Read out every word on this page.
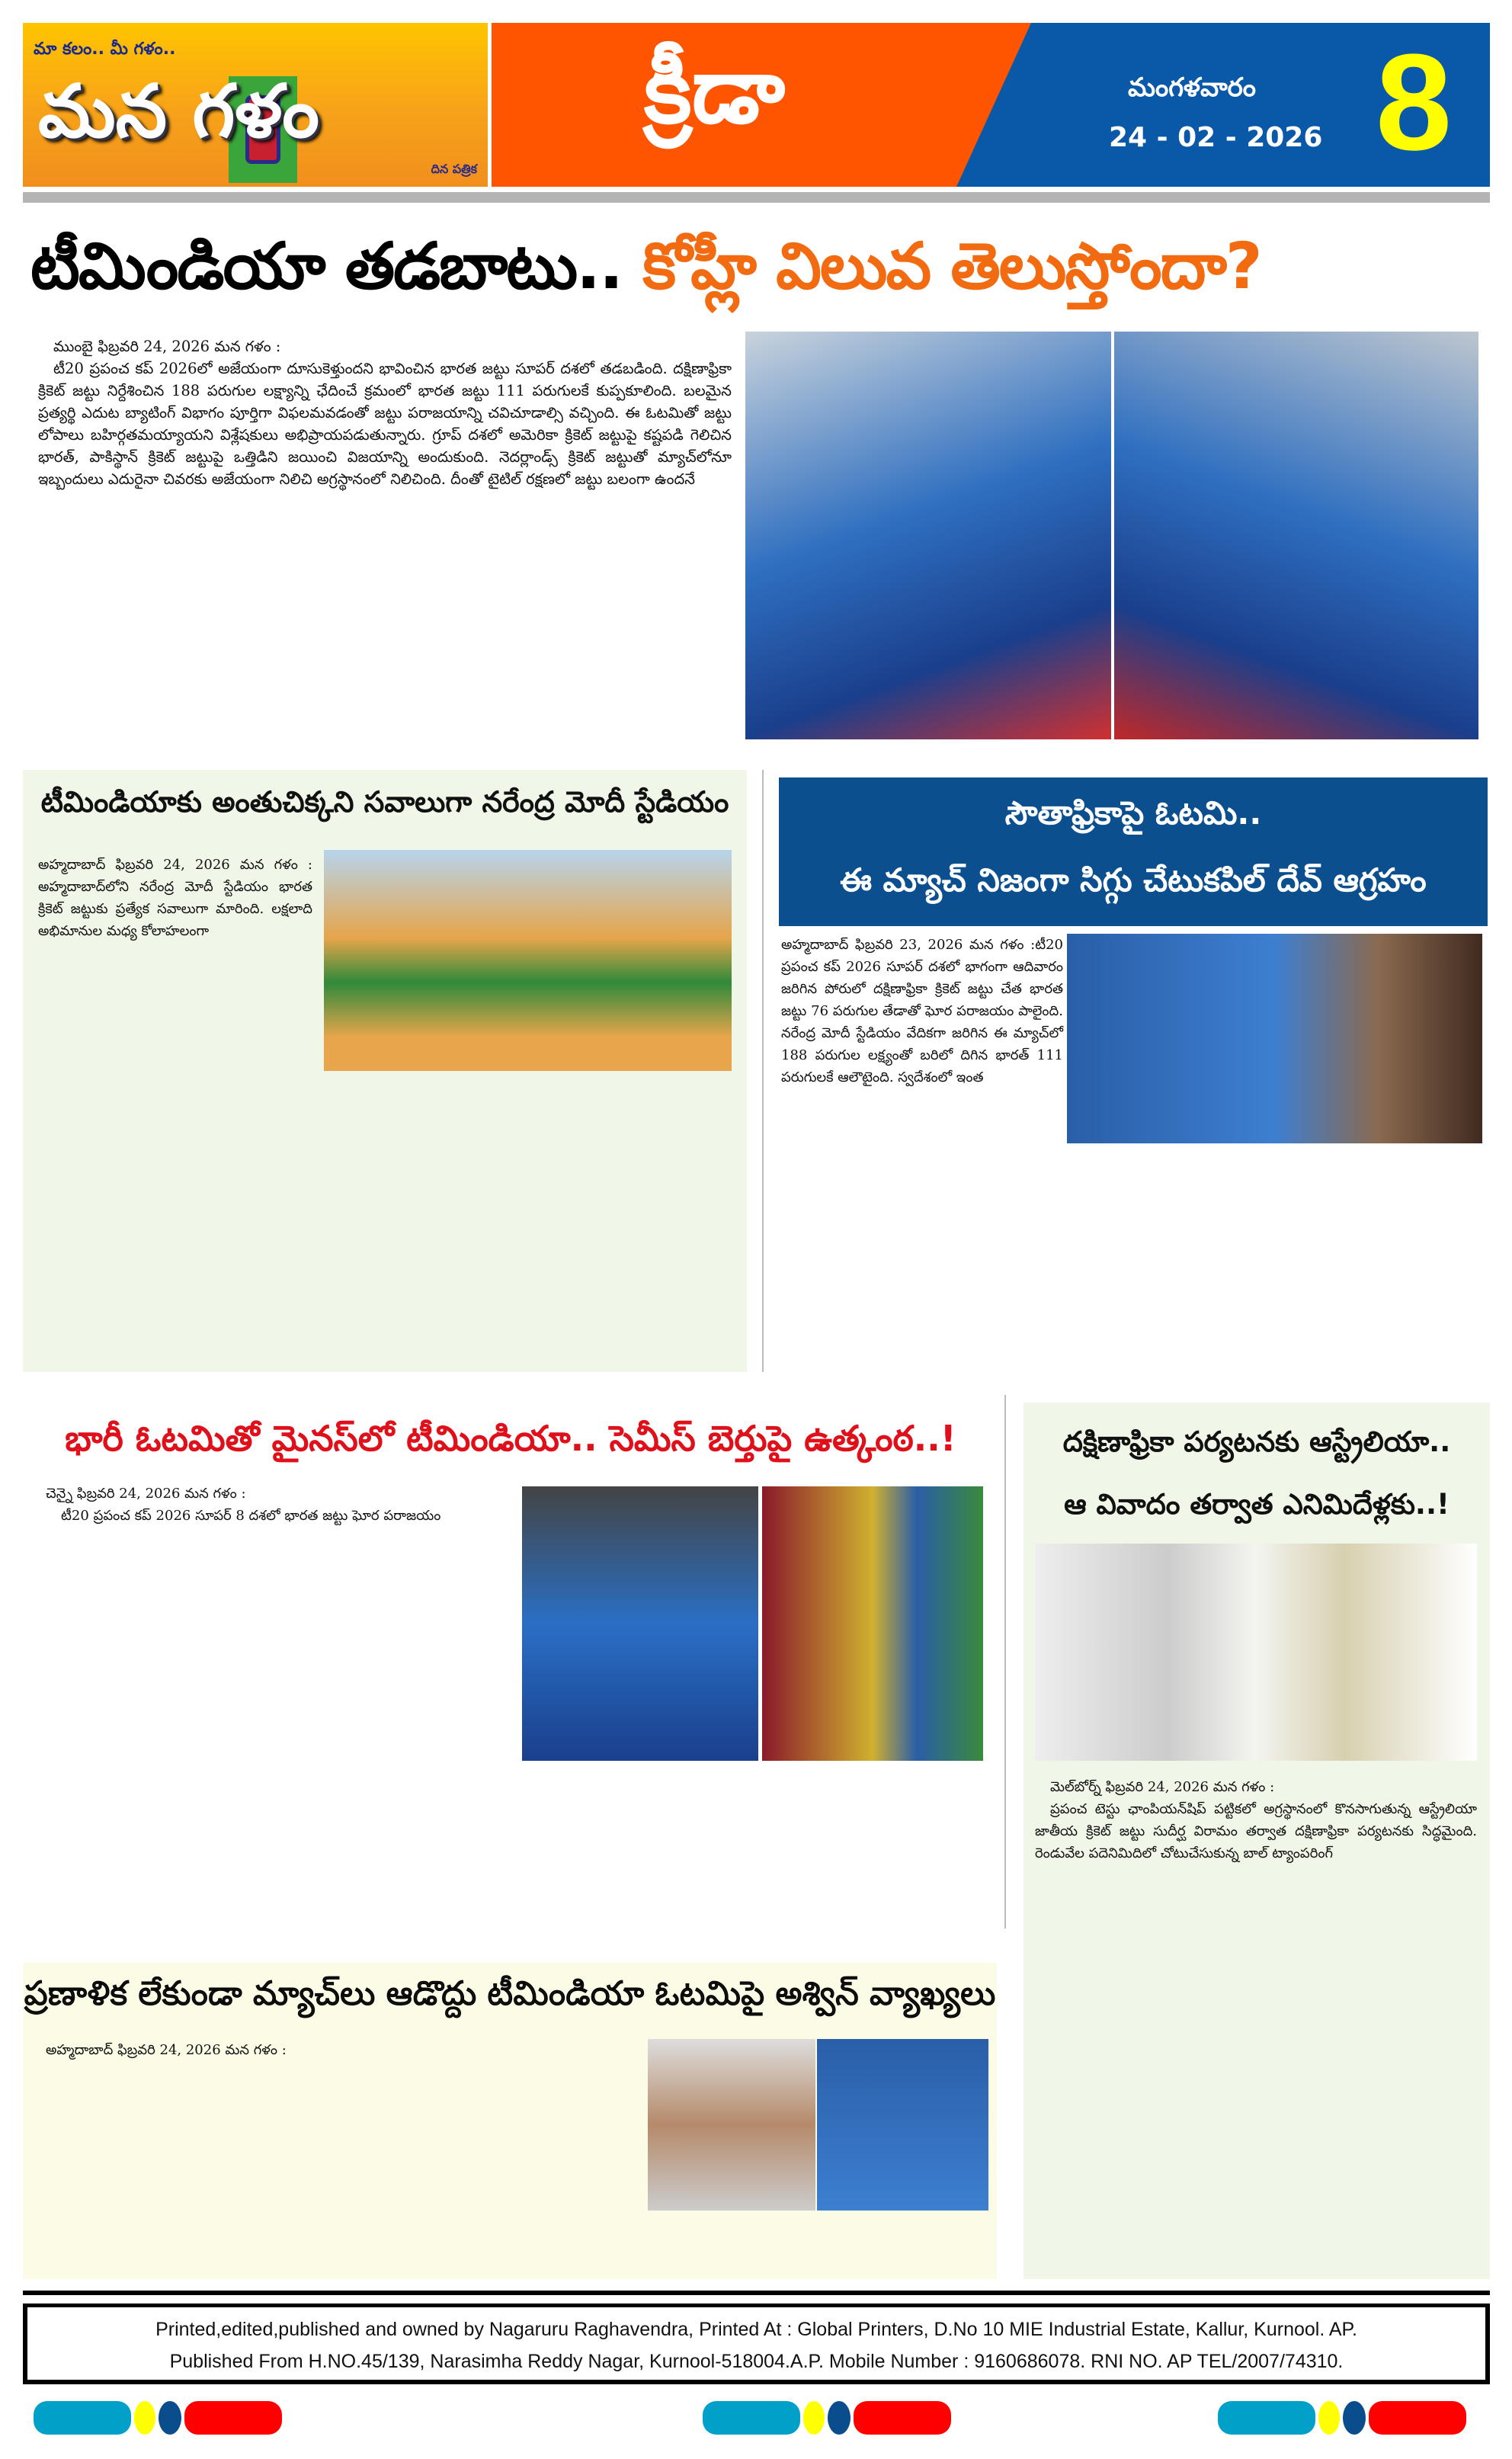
మా కలం.. మీ గళం..
మన గళం
దిన పత్రిక
క్రీడా	మంగళవారం
24 - 02 - 2026 8
టీమిండియా తడబాటు.. కోహ్లీ విలువ తెలుస్తోందా?
ముంబై ఫిబ్రవరి 24, 2026 మన గళం :

టీ20 ప్రపంచ కప్ 2026లో అజేయంగా దూసుకెళ్తుందని భావించిన భారత జట్టు సూపర్ దశలో తడబడింది. దక్షిణాఫ్రికా క్రికెట్ జట్టు నిర్దేశించిన 188 పరుగుల లక్ష్యాన్ని ఛేదించే క్రమంలో భారత జట్టు 111 పరుగులకే కుప్పకూలింది. బలమైన ప్రత్యర్థి ఎదుట బ్యాటింగ్ విభాగం పూర్తిగా విఫలమవడంతో జట్టు పరాజయాన్ని చవిచూడాల్సి వచ్చింది. ఈ ఓటమితో జట్టు లోపాలు బహిర్గతమయ్యాయని విశ్లేషకులు అభిప్రాయపడుతున్నారు. గ్రూప్ దశలో అమెరికా క్రికెట్ జట్టుపై కష్టపడి గెలిచిన భారత్, పాకిస్థాన్ క్రికెట్ జట్టుపై ఒత్తిడిని జయించి విజయాన్ని అందుకుంది. నెదర్లాండ్స్ క్రికెట్ జట్టుతో మ్యాచ్‌లోనూ ఇబ్బందులు ఎదురైనా చివరకు అజేయంగా నిలిచి అగ్రస్థానంలో నిలిచింది. దీంతో టైటిల్ రక్షణలో జట్టు బలంగా ఉందనే

టీమిండియాకు అంతుచిక్కని సవాలుగా నరేంద్ర మోదీ స్టేడియం
అహ్మదాబాద్ ఫిబ్రవరి 24, 2026 మన గళం : అహ్మదాబాద్‌లోని నరేంద్ర మోదీ స్టేడియం భారత క్రికెట్ జట్టుకు ప్రత్యేక సవాలుగా మారింది. లక్షలాది అభిమానుల మధ్య కోలాహలంగా
సౌతాఫ్రికాపై ఓటమి..
ఈ మ్యాచ్ నిజంగా సిగ్గు చేటుకపిల్ దేవ్ ఆగ్రహం
అహ్మదాబాద్ ఫిబ్రవరి 23, 2026 మన గళం :టీ20 ప్రపంచ కప్ 2026 సూపర్ దశలో భాగంగా ఆదివారం జరిగిన పోరులో దక్షిణాఫ్రికా క్రికెట్ జట్టు చేత భారత జట్టు 76 పరుగుల తేడాతో ఘోర పరాజయం పాలైంది. నరేంద్ర మోదీ స్టేడియం వేదికగా జరిగిన ఈ మ్యాచ్‌లో 188 పరుగుల లక్ష్యంతో బరిలో దిగిన భారత్ 111 పరుగులకే ఆలౌటైంది. స్వదేశంలో ఇంత
భారీ ఓటమితో మైనస్‌లో టీమిండియా.. సెమీస్ బెర్తుపై ఉత్కంఠ..!
చెన్నై ఫిబ్రవరి 24, 2026 మన గళం :

టీ20 ప్రపంచ కప్ 2026 సూపర్ 8 దశలో భారత జట్టు ఘోర పరాజయం

దక్షిణాఫ్రికా పర్యటనకు ఆస్ట్రేలియా..
ఆ వివాదం తర్వాత ఎనిమిదేళ్లకు..!
మెల్‌బోర్న్ ఫిబ్రవరి 24, 2026 మన గళం :

ప్రపంచ టెస్టు ఛాంపియన్‌షిప్ పట్టికలో అగ్రస్థానంలో కొనసాగుతున్న ఆస్ట్రేలియా జాతీయ క్రికెట్ జట్టు సుదీర్ఘ విరామం తర్వాత దక్షిణాఫ్రికా పర్యటనకు సిద్ధమైంది. రెండువేల పదెనిమిదిలో చోటుచేసుకున్న బాల్ ట్యాంపరింగ్

ప్రణాళిక లేకుండా మ్యాచ్‌లు ఆడొద్దు టీమిండియా ఓటమిపై అశ్విన్ వ్యాఖ్యలు
అహ్మదాబాద్ ఫిబ్రవరి 24, 2026 మన గళం :
Printed,edited,published and owned by Nagaruru Raghavendra, Printed At : Global Printers, D.No 10 MIE Industrial Estate, Kallur, Kurnool. AP.
Published From H.NO.45/139, Narasimha Reddy Nagar, Kurnool-518004.A.P. Mobile Number : 9160686078. RNI NO. AP TEL/2007/74310.
